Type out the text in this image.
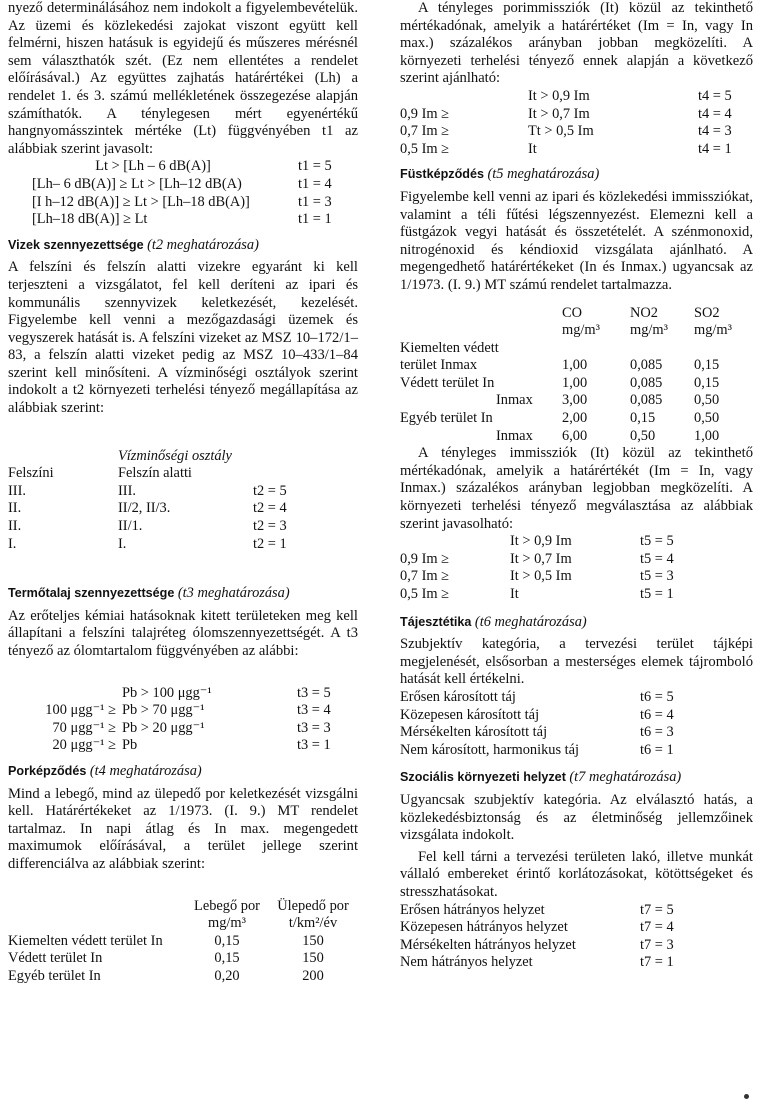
nyező determinálásához nem indokolt a figyelembevételük. Az üzemi és közlekedési zajokat viszont együtt kell felmérni, hiszen hatásuk is egyidejű és műszeres mérésnél sem választhatók szét. (Ez nem ellentétes a rendelet előírásával.) Az együttes zajhatás határértékei (Lh) a rendelet 1. és 3. számú mellékletének összegezése alapján számíthatók. A ténylegesen mért egyenértékű hangnyomásszintek mértéke (Lt) függvényében t1 az alábbiak szerint javasolt:

Lt > [Lh – 6 dB(A)]	t1 = 5
[Lh– 6 dB(A)] ≥ Lt > [Lh–12 dB(A)	t1 = 4
[I h–12 dB(A)] ≥ Lt > [Lh–18 dB(A)]	t1 = 3
[Lh–18 dB(A)] ≥ Lt	t1 = 1

Vizek szennyezettsége (t2 meghatározása)

A felszíni és felszín alatti vizekre egyaránt ki kell terjeszteni a vizsgálatot, fel kell deríteni az ipari és kommunális szennyvizek keletkezését, kezelését. Figyelembe kell venni a mezőgazdasági üzemek és vegyszerek hatását is. A felszíni vizeket az MSZ 10–172/1–83, a felszín alatti vizeket pedig az MSZ 10–433/1–84 szerint kell minősíteni. A vízminőségi osztályok szerint indokolt a t2 környezeti terhelési tényező megállapítása az alábbiak szerint:

	Vízminőségi osztály	
Felszíni	Felszín alatti	
III.	III.	t2 = 5
II.	II/2, II/3.	t2 = 4
II.	II/1.	t2 = 3
I.	I.	t2 = 1

Termőtalaj szennyezettsége (t3 meghatározása)

Az erőteljes kémiai hatásoknak kitett területeken meg kell állapítani a felszíni talajréteg ólomszennyezettségét. A t3 tényező az ólomtartalom függvényében az alábbi:

	Pb > 100 μgg⁻¹	t3 = 5
100 μgg⁻¹ ≥	Pb > 70 μgg⁻¹	t3 = 4
70 μgg⁻¹ ≥	Pb > 20 μgg⁻¹	t3 = 3
20 μgg⁻¹ ≥	Pb	t3 = 1

Porképződés (t4 meghatározása)

Mind a lebegő, mind az ülepedő por keletkezését vizsgálni kell. Határértékeket az 1/1973. (I. 9.) MT rendelet tartalmaz. In napi átlag és In max. megengedett maximumok előírásával, a terület jellege szerint differenciálva az alábbiak szerint:

	Lebegő por	Ülepedő por
	mg/m³	t/km²/év
Kiemelten védett terület In	0,15	150
Védett terület In	0,15	150
Egyéb terület In	0,20	200

A tényleges porimmissziók (It) közül az tekinthető mértékadónak, amelyik a határértéket (Im = In, vagy In max.) százalékos arányban jobban megközelíti. A környezeti terhelési tényező ennek alapján a következő szerint ajánlható:

	It > 0,9 Im	t4 = 5
0,9 Im ≥	It > 0,7 Im	t4 = 4
0,7 Im ≥	Tt > 0,5 Im	t4 = 3
0,5 Im ≥	It	t4 = 1

Füstképződés (t5 meghatározása)

Figyelembe kell venni az ipari és közlekedési immissziókat, valamint a téli fűtési légszennyezést. Elemezni kell a füstgázok vegyi hatását és összetételét. A szénmonoxid, nitrogénoxid és kéndioxid vizsgálata ajánlható. A megengedhető határértékeket (In és Inmax.) ugyancsak az 1/1973. (I. 9.) MT számú rendelet tartalmazza.

	CO	NO2	SO2
	mg/m³	mg/m³	mg/m³
Kiemelten védett			
terület Inmax	1,00	0,085	0,15
Védett terület In	1,00	0,085	0,15
Inmax	3,00	0,085	0,50
Egyéb terület In	2,00	0,15	0,50
Inmax	6,00	0,50	1,00

A tényleges immissziók (It) közül az tekinthető mértékadónak, amelyik a határértékét (Im = In, vagy Inmax.) százalékos arányban legjobban megközelíti. A környezeti terhelési tényező megválasztása az alábbiak szerint javasolható:

	It > 0,9 Im	t5 = 5
0,9 Im ≥	It > 0,7 Im	t5 = 4
0,7 Im ≥	It > 0,5 Im	t5 = 3
0,5 Im ≥	It	t5 = 1

Tájesztétika (t6 meghatározása)

Szubjektív kategória, a tervezési terület tájképi megjelenését, elsősorban a mesterséges elemek tájromboló hatását kell értékelni.

Erősen károsított táj	t6 = 5
Közepesen károsított táj	t6 = 4
Mérsékelten károsított táj	t6 = 3
Nem károsított, harmonikus táj	t6 = 1

Szociális környezeti helyzet (t7 meghatározása)

Ugyancsak szubjektív kategória. Az elválasztó hatás, a közlekedésbiztonság és az életminőség jellemzőinek vizsgálata indokolt.

Fel kell tárni a tervezési területen lakó, illetve munkát vállaló embereket érintő korlátozásokat, kötöttségeket és stresszhatásokat.

Erősen hátrányos helyzet	t7 = 5
Közepesen hátrányos helyzet	t7 = 4
Mérsékelten hátrányos helyzet	t7 = 3
Nem hátrányos helyzet	t7 = 1
